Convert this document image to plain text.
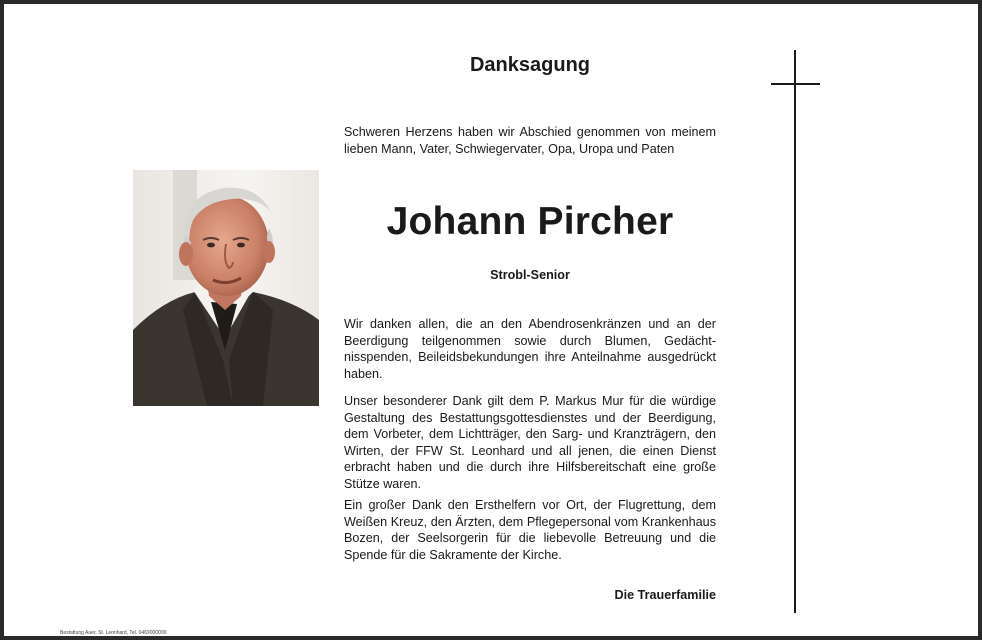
Danksagung

Schweren Herzens haben wir Abschied genommen von meinem lieben Mann, Vater, Schwiegervater, Opa, Uropa und Paten

Johann Pircher
Strobl-Senior

Wir danken allen, die an den Abendrosenkränzen und an der Beerdigung teilgenommen sowie durch Blumen, Gedächtnisspenden, Beileidsbekundungen ihre Anteilnahme ausgedrückt haben.

Unser besonderer Dank gilt dem P. Markus Mur für die würdige Gestaltung des Bestattungsgottesdienstes und der Beerdigung, dem Vorbeter, dem Lichtträger, den Sarg- und Kranzträgern, den Wirten, der FFW St. Leonhard und all jenen, die einen Dienst erbracht haben und die durch ihre Hilfsbereitschaft eine große Stütze waren.

Ein großer Dank den Ersthelfern vor Ort, der Flugrettung, dem Weißen Kreuz, den Ärzten, dem Pflegepersonal vom Krankenhaus Bozen, der Seelsorgerin für die liebevolle Betreuung und die Spende für die Sakramente der Kirche.

Die Trauerfamilie
Bestattung Auer, St. Leonhard, Tel. 0469000000
